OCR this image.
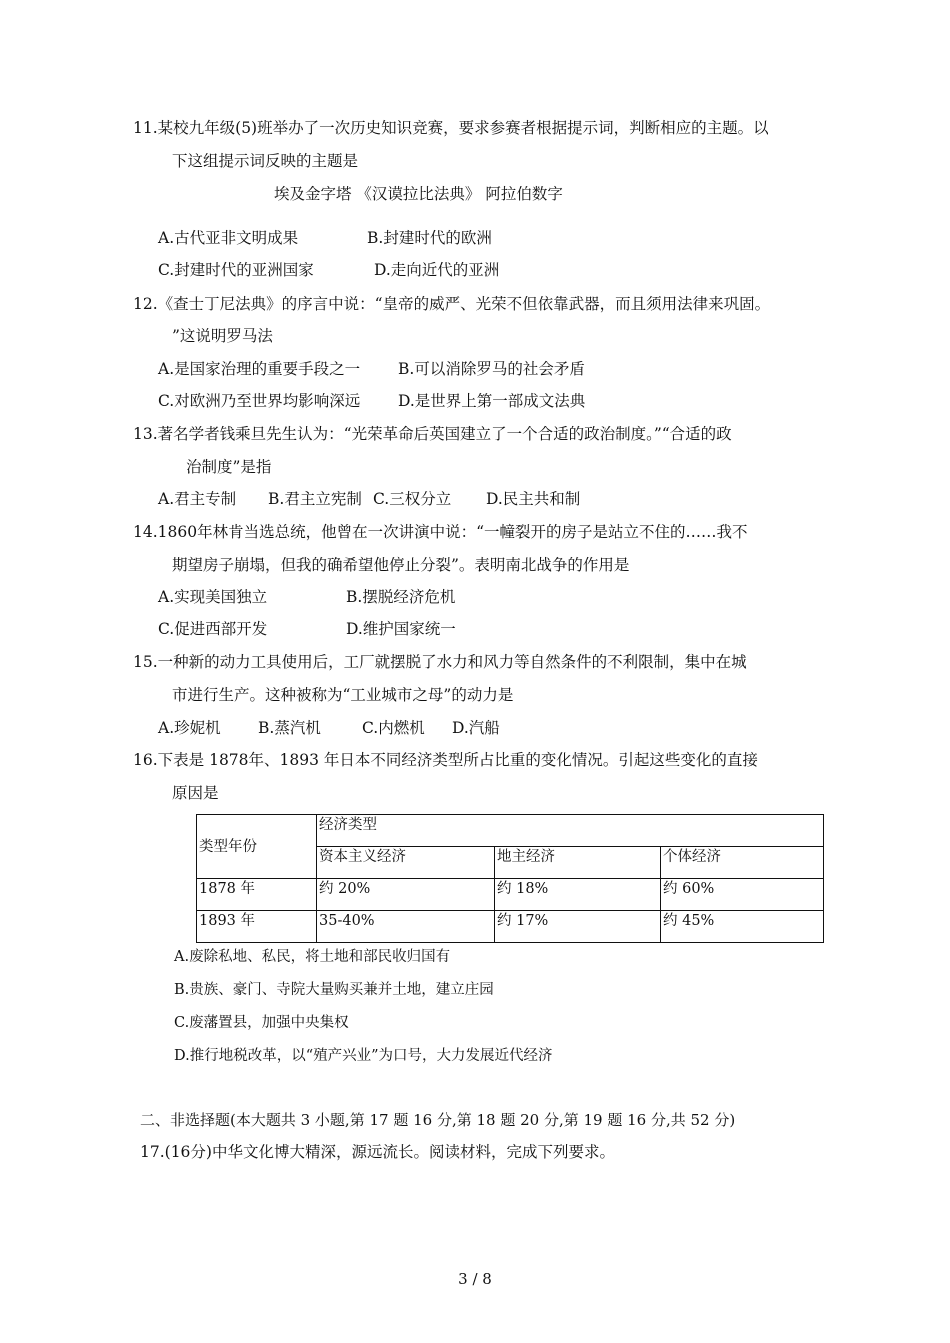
11.某校九年级(5)班举办了一次历史知识竞赛，要求参赛者根据提示词，判断相应的主题。以
下这组提示词反映的主题是
埃及金字塔 《汉谟拉比法典》 阿拉伯数字
A.古代亚非文明成果	B.封建时代的欧洲
C.封建时代的亚洲国家	D.走向近代的亚洲
12.《查士丁尼法典》的序言中说：“皇帝的威严、光荣不但依靠武器，而且须用法律来巩固。
”这说明罗马法
A.是国家治理的重要手段之一 B.可以消除罗马的社会矛盾
C.对欧洲乃至世界均影响深远 D.是世界上第一部成文法典
13.著名学者钱乘旦先生认为：“光荣革命后英国建立了一个合适的政治制度。”“合适的政
治制度”是指
A.君主专制 B.君主立宪制 C.三权分立 D.民主共和制
14.1860年林肯当选总统，他曾在一次讲演中说：“一幢裂开的房子是站立不住的……我不
期望房子崩塌，但我的确希望他停止分裂”。表明南北战争的作用是
A.实现美国独立	B.摆脱经济危机
C.促进西部开发	D.维护国家统一
15.一种新的动力工具使用后，工厂就摆脱了水力和风力等自然条件的不利限制，集中在城
市进行生产。这种被称为“工业城市之母”的动力是
A.珍妮机 B.蒸汽机	C.内燃机 D.汽船
16.下表是 1878年、1893 年日本不同经济类型所占比重的变化情况。引起这些变化的直接
原因是
类型年份	经济类型		
	资本主义经济	地主经济	个体经济
1878 年	约 20%	约 18%	约 60%
1893 年	35-40%	约 17%	约 45%
A.废除私地、私民，将土地和部民收归国有
B.贵族、豪门、寺院大量购买兼并土地，建立庄园
C.废藩置县，加强中央集权
D.推行地税改革，以“殖产兴业”为口号，大力发展近代经济
二、非选择题(本大题共 3 小题,第 17 题 16 分,第 18 题 20 分,第 19 题 16 分,共 52 分)
17.(16分)中华文化博大精深，源远流长。阅读材料，完成下列要求。
3 / 8
